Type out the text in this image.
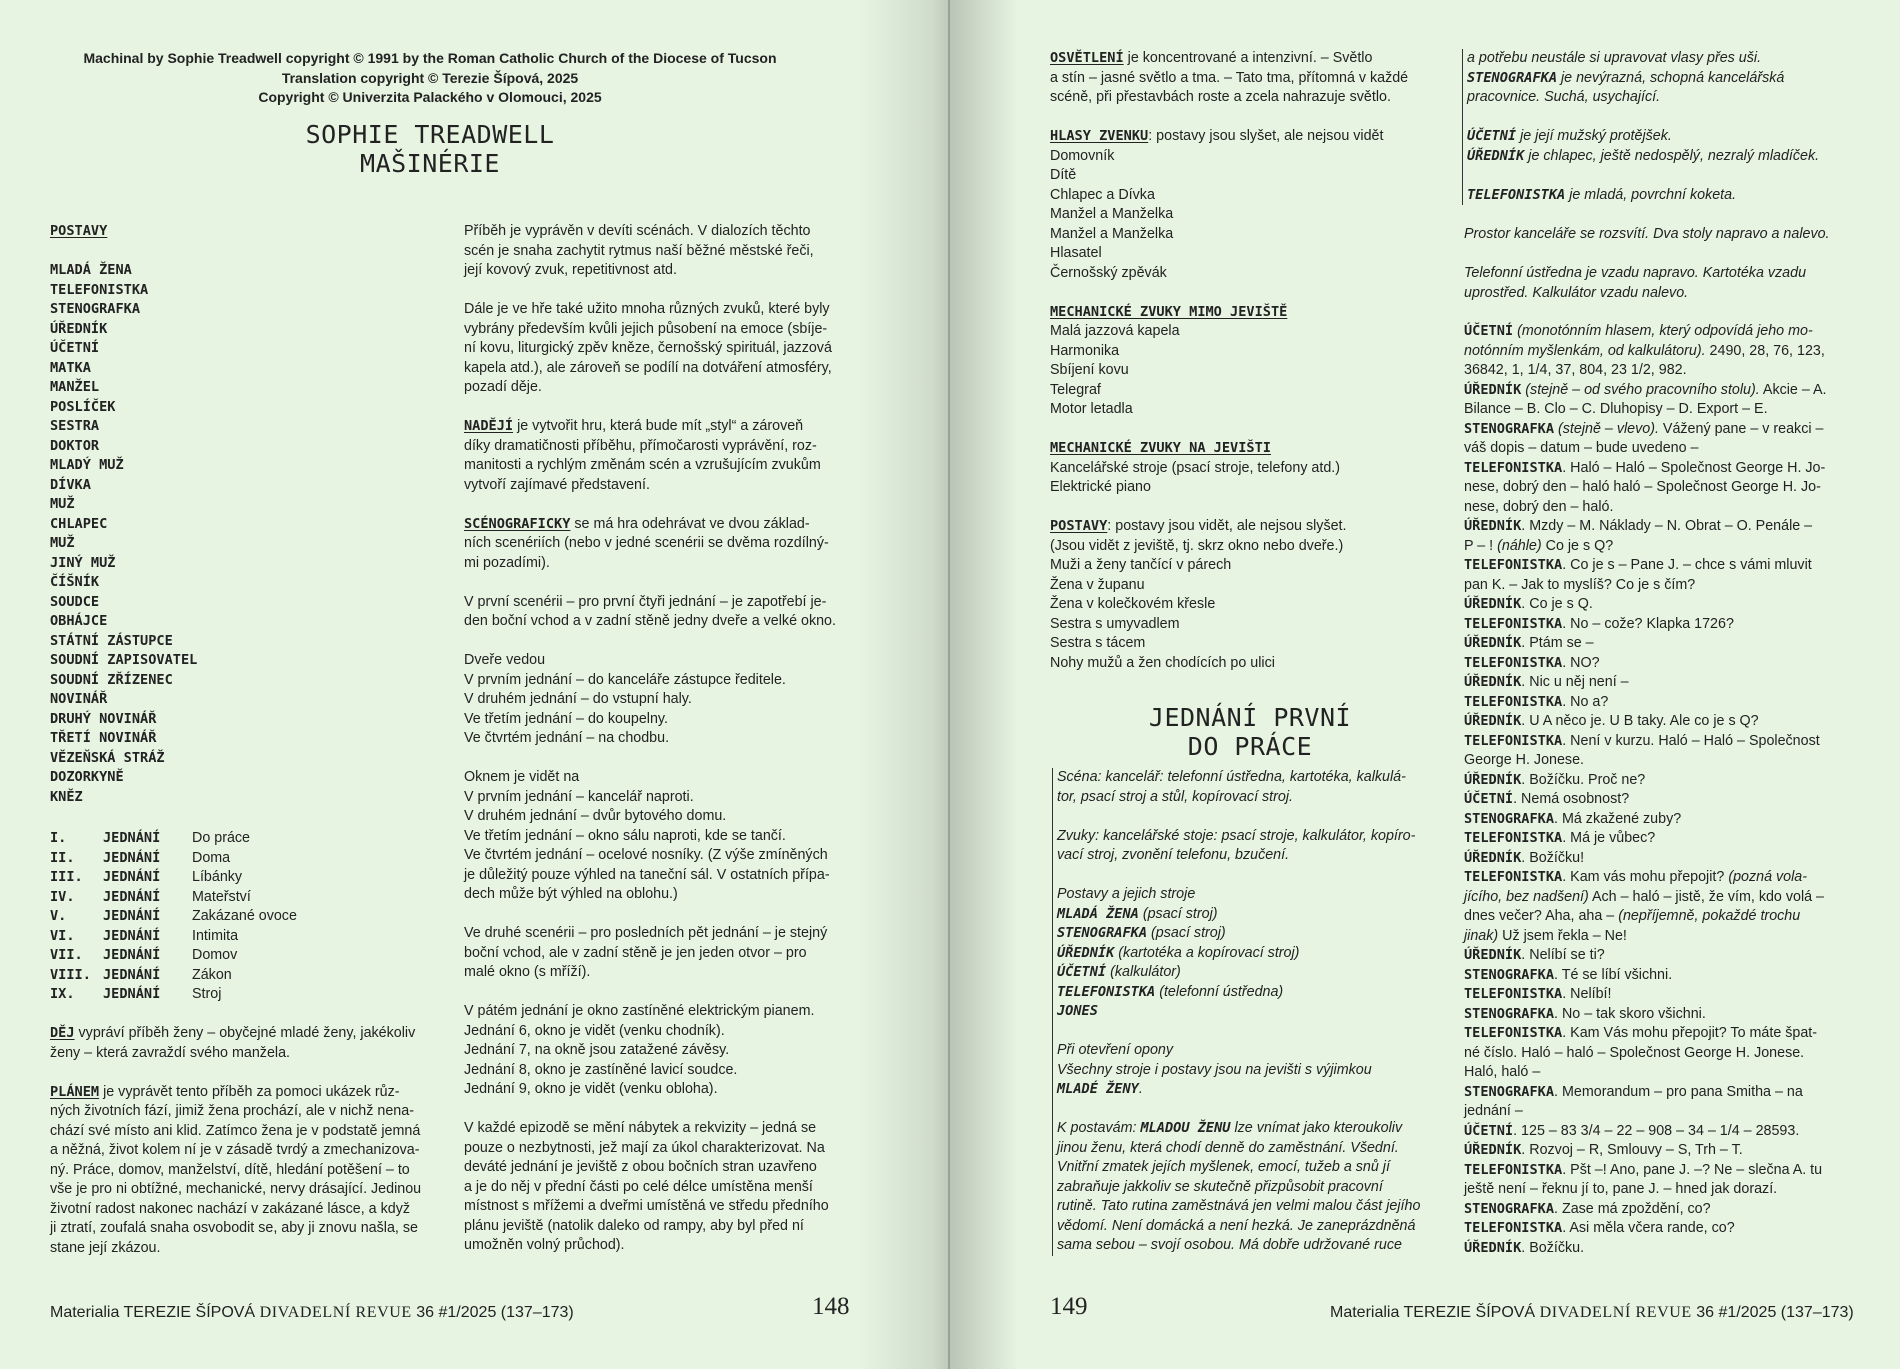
Machinal by Sophie Treadwell copyright © 1991 by the Roman Catholic Church of the Diocese of Tucson
Translation copyright © Terezie Šípová, 2025
Copyright © Univerzita Palackého v Olomouci, 2025
SOPHIE TREADWELL
MAŠINÉRIE
POSTAVY
MLADÁ ŽENA
TELEFONISTKA
STENOGRAFKA
ÚŘEDNÍK
ÚČETNÍ
MATKA
MANŽEL
POSLÍČEK
SESTRA
DOKTOR
MLADÝ MUŽ
DÍVKA
MUŽ
CHLAPEC
MUŽ
JINÝ MUŽ
ČÍŠNÍK
SOUDCE
OBHÁJCE
STÁTNÍ ZÁSTUPCE
SOUDNÍ ZAPISOVATEL
SOUDNÍ ZŘÍZENEC
NOVINÁŘ
DRUHÝ NOVINÁŘ
TŘETÍ NOVINÁŘ
VĚZEŇSKÁ STRÁŽ
DOZORKYNĚ
KNĚZ
I.	JEDNÁNÍ	Do práce
II.	JEDNÁNÍ	Doma
III.	JEDNÁNÍ	Líbánky
IV.	JEDNÁNÍ	Mateřství
V.	JEDNÁNÍ	Zakázané ovoce
VI.	JEDNÁNÍ	Intimita
VII.	JEDNÁNÍ	Domov
VIII. JEDNÁNÍ	Zákon
IX.	JEDNÁNÍ	Stroj
DĚJ vypráví příběh ženy – obyčejné mladé ženy, jakékoliv
ženy – která zavraždí svého manžela.
PLÁNEM je vyprávět tento příběh za pomoci ukázek růz-
ných životních fází, jimiž žena prochází, ale v nichž nena-
chází své místo ani klid. Zatímco žena je v podstatě jemná
a něžná, život kolem ní je v zásadě tvrdý a zmechanizova-
ný. Práce, domov, manželství, dítě, hledání potěšení – to
vše je pro ni obtížné, mechanické, nervy drásající. Jedinou
životní radost nakonec nachází v zakázané lásce, a když
ji ztratí, zoufalá snaha osvobodit se, aby ji znovu našla, se
stane její zkázou.
Příběh je vyprávěn v devíti scénách. V dialozích těchto
scén je snaha zachytit rytmus naší běžné městské řeči,
její kovový zvuk, repetitivnost atd.
Dále je ve hře také užito mnoha různých zvuků, které byly
vybrány především kvůli jejich působení na emoce (sbíje-
ní kovu, liturgický zpěv kněze, černošský spirituál, jazzová
kapela atd.), ale zároveň se podílí na dotváření atmosféry,
pozadí děje.
NADĚJÍ je vytvořit hru, která bude mít „styl“ a zároveň
díky dramatičnosti příběhu, přímočarosti vyprávění, roz-
manitosti a rychlým změnám scén a vzrušujícím zvukům
vytvoří zajímavé představení.
SCÉNOGRAFICKY se má hra odehrávat ve dvou základ-
ních scenériích (nebo v jedné scenérii se dvěma rozdílný-
mi pozadími).
V první scenérii – pro první čtyři jednání – je zapotřebí je-
den boční vchod a v zadní stěně jedny dveře a velké okno.
Dveře vedou
V prvním jednání – do kanceláře zástupce ředitele.
V druhém jednání – do vstupní haly.
Ve třetím jednání – do koupelny.
Ve čtvrtém jednání – na chodbu.
Oknem je vidět na
V prvním jednání – kancelář naproti.
V druhém jednání – dvůr bytového domu.
Ve třetím jednání – okno sálu naproti, kde se tančí.
Ve čtvrtém jednání – ocelové nosníky. (Z výše zmíněných
je důležitý pouze výhled na taneční sál. V ostatních přípa-
dech může být výhled na oblohu.)
Ve druhé scenérii – pro posledních pět jednání – je stejný
boční vchod, ale v zadní stěně je jen jeden otvor – pro
malé okno (s mříží).
V pátém jednání je okno zastíněné elektrickým pianem.
Jednání 6, okno je vidět (venku chodník).
Jednání 7, na okně jsou zatažené závěsy.
Jednání 8, okno je zastíněné lavicí soudce.
Jednání 9, okno je vidět (venku obloha).
V každé epizodě se mění nábytek a rekvizity – jedná se
pouze o nezbytnosti, jež mají za úkol charakterizovat. Na
deváté jednání je jeviště z obou bočních stran uzavřeno
a je do něj v přední části po celé délce umístěna menší
místnost s mřížemi a dveřmi umístěná ve středu předního
plánu jeviště (natolik daleko od rampy, aby byl před ní
umožněn volný průchod).
Materialia TEREZIE ŠÍPOVÁ DIVADELNÍ REVUE 36 #1/2025 (137–173)	148
OSVĚTLENÍ je koncentrované a intenzivní. – Světlo
a stín – jasné světlo a tma. – Tato tma, přítomná v každé
scéně, při přestavbách roste a zcela nahrazuje světlo.
HLASY ZVENKU: postavy jsou slyšet, ale nejsou vidět
Domovník
Dítě
Chlapec a Dívka
Manžel a Manželka
Manžel a Manželka
Hlasatel
Černošský zpěvák
MECHANICKÉ ZVUKY MIMO JEVIŠTĚ
Malá jazzová kapela
Harmonika
Sbíjení kovu
Telegraf
Motor letadla
MECHANICKÉ ZVUKY NA JEVIŠTI
Kancelářské stroje (psací stroje, telefony atd.)
Elektrické piano
POSTAVY: postavy jsou vidět, ale nejsou slyšet.
(Jsou vidět z jeviště, tj. skrz okno nebo dveře.)
Muži a ženy tančící v párech
Žena v županu
Žena v kolečkovém křesle
Sestra s umyvadlem
Sestra s tácem
Nohy mužů a žen chodících po ulici
JEDNÁNÍ PRVNÍ
DO PRÁCE
Scéna: kancelář: telefonní ústředna, kartotéka, kalkulá-
tor, psací stroj a stůl, kopírovací stroj.
Zvuky: kancelářské stoje: psací stroje, kalkulátor, kopíro-
vací stroj, zvonění telefonu, bzučení.
Postavy a jejich stroje
MLADÁ ŽENA (psací stroj)
STENOGRAFKA (psací stroj)
ÚŘEDNÍK (kartotéka a kopírovací stroj)
ÚČETNÍ (kalkulátor)
TELEFONISTKA (telefonní ústředna)
JONES
Při otevření opony
Všechny stroje i postavy jsou na jevišti s výjimkou
MLADÉ ŽENY.
K postavám: MLADOU ŽENU lze vnímat jako kteroukoliv
jinou ženu, která chodí denně do zaměstnání. Všední.
Vnitřní zmatek jejích myšlenek, emocí, tužeb a snů jí
zabraňuje jakkoliv se skutečně přizpůsobit pracovní
rutině. Tato rutina zaměstnává jen velmi malou část jejího
vědomí. Není domácká a není hezká. Je zaneprázdněná
sama sebou – svojí osobou. Má dobře udržované ruce
a potřebu neustále si upravovat vlasy přes uši.
STENOGRAFKA je nevýrazná, schopná kancelářská
pracovnice. Suchá, usychající.
ÚČETNÍ je její mužský protějšek.
ÚŘEDNÍK je chlapec, ještě nedospělý, nezralý mladíček.
TELEFONISTKA je mladá, povrchní koketa.
Prostor kanceláře se rozsvítí. Dva stoly napravo a nalevo.
Telefonní ústředna je vzadu napravo. Kartotéka vzadu
uprostřed. Kalkulátor vzadu nalevo.
ÚČETNÍ (monotónním hlasem, který odpovídá jeho mo-
notónním myšlenkám, od kalkulátoru). 2490, 28, 76, 123,
36842, 1, 1/4, 37, 804, 23 1/2, 982.
ÚŘEDNÍK (stejně – od svého pracovního stolu). Akcie – A.
Bilance – B. Clo – C. Dluhopisy – D. Export – E.
STENOGRAFKA (stejně – vlevo). Vážený pane – v reakci –
váš dopis – datum – bude uvedeno –
TELEFONISTKA. Haló – Haló – Společnost George H. Jo-
nese, dobrý den – haló haló – Společnost George H. Jo-
nese, dobrý den – haló.
ÚŘEDNÍK. Mzdy – M. Náklady – N. Obrat – O. Penále –
P – ! (náhle) Co je s Q?
TELEFONISTKA. Co je s – Pane J. – chce s vámi mluvit
pan K. – Jak to myslíš? Co je s čím?
ÚŘEDNÍK. Co je s Q.
TELEFONISTKA. No – cože? Klapka 1726?
ÚŘEDNÍK. Ptám se –
TELEFONISTKA. NO?
ÚŘEDNÍK. Nic u něj není –
TELEFONISTKA. No a?
ÚŘEDNÍK. U A něco je. U B taky. Ale co je s Q?
TELEFONISTKA. Není v kurzu. Haló – Haló – Společnost
George H. Jonese.
ÚŘEDNÍK. Božíčku. Proč ne?
ÚČETNÍ. Nemá osobnost?
STENOGRAFKA. Má zkažené zuby?
TELEFONISTKA. Má je vůbec?
ÚŘEDNÍK. Božíčku!
TELEFONISTKA. Kam vás mohu přepojit? (pozná vola-
jícího, bez nadšení) Ach – haló – jistě, že vím, kdo volá –
dnes večer? Aha, aha – (nepříjemně, pokaždé trochu
jinak) Už jsem řekla – Ne!
ÚŘEDNÍK. Nelíbí se ti?
STENOGRAFKA. Té se líbí všichni.
TELEFONISTKA. Nelíbí!
STENOGRAFKA. No – tak skoro všichni.
TELEFONISTKA. Kam Vás mohu přepojit? To máte špat-
né číslo. Haló – haló – Společnost George H. Jonese.
Haló, haló –
STENOGRAFKA. Memorandum – pro pana Smitha – na
jednání –
ÚČETNÍ. 125 – 83 3/4 – 22 – 908 – 34 – 1/4 – 28593.
ÚŘEDNÍK. Rozvoj – R, Smlouvy – S, Trh – T.
TELEFONISTKA. Pšt –! Ano, pane J. –? Ne – slečna A. tu
ještě není – řeknu jí to, pane J. – hned jak dorazí.
STENOGRAFKA. Zase má zpoždění, co?
TELEFONISTKA. Asi měla včera rande, co?
ÚŘEDNÍK. Božíčku.
149	Materialia TEREZIE ŠÍPOVÁ DIVADELNÍ REVUE 36 #1/2025 (137–173)
